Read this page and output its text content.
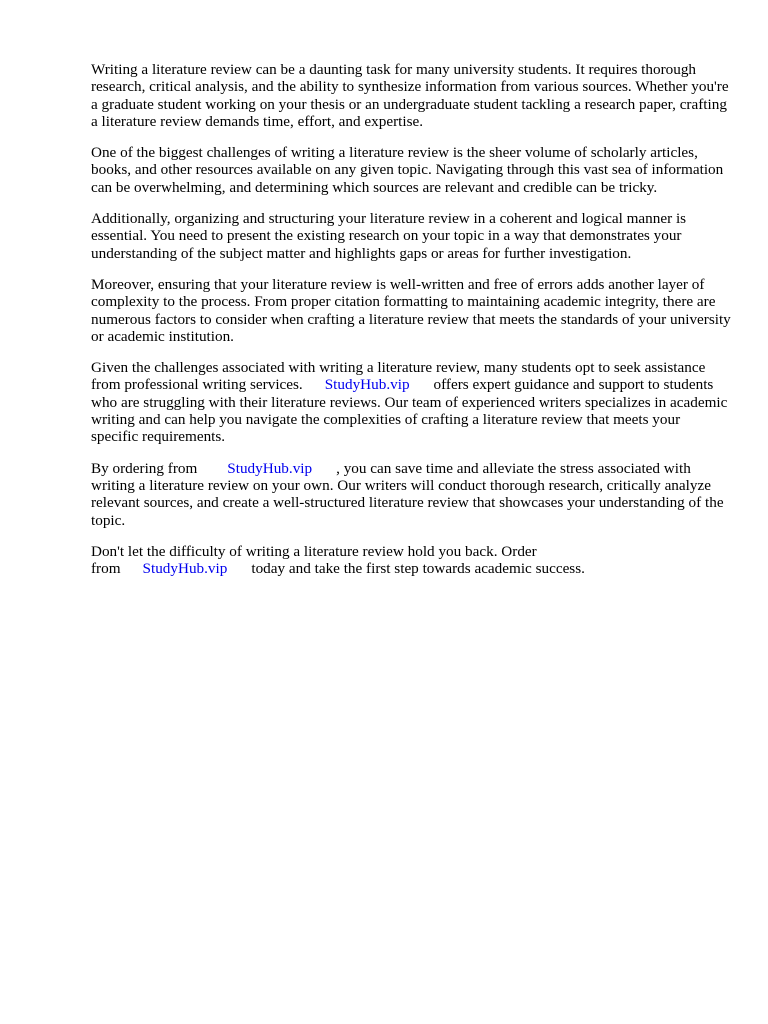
Writing a literature review can be a daunting task for many university students. It requires thorough research, critical analysis, and the ability to synthesize information from various sources. Whether you're a graduate student working on your thesis or an undergraduate student tackling a research paper, crafting a literature review demands time, effort, and expertise.

One of the biggest challenges of writing a literature review is the sheer volume of scholarly articles, books, and other resources available on any given topic. Navigating through this vast sea of information can be overwhelming, and determining which sources are relevant and credible can be tricky.

Additionally, organizing and structuring your literature review in a coherent and logical manner is essential. You need to present the existing research on your topic in a way that demonstrates your understanding of the subject matter and highlights gaps or areas for further investigation.

Moreover, ensuring that your literature review is well-written and free of errors adds another layer of complexity to the process. From proper citation formatting to maintaining academic integrity, there are numerous factors to consider when crafting a literature review that meets the standards of your university or academic institution.

Given the challenges associated with writing a literature review, many students opt to seek assistance from professional writing services. StudyHub.vip offers expert guidance and support to students who are struggling with their literature reviews. Our team of experienced writers specializes in academic writing and can help you navigate the complexities of crafting a literature review that meets your specific requirements.

By ordering from StudyHub.vip , you can save time and alleviate the stress associated with writing a literature review on your own. Our writers will conduct thorough research, critically analyze relevant sources, and create a well-structured literature review that showcases your understanding of the topic.

Don't let the difficulty of writing a literature review hold you back. Order from StudyHub.vip today and take the first step towards academic success.
